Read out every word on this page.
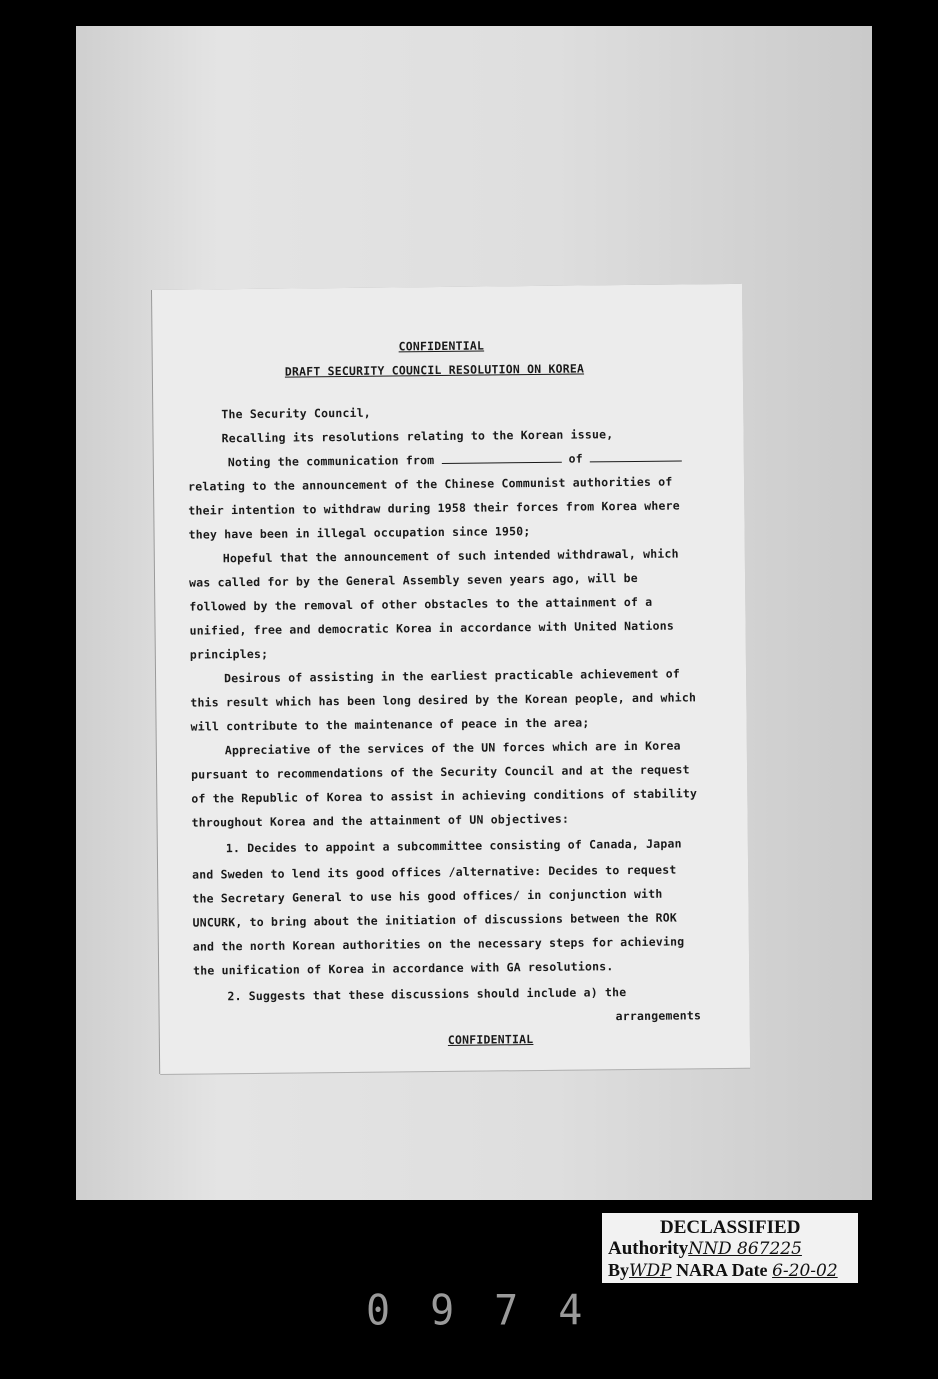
CONFIDENTIAL
DRAFT SECURITY COUNCIL RESOLUTION ON KOREA
The Security Council,
Recalling its resolutions relating to the Korean issue,
Noting the communication from	of
relating to the announcement of the Chinese Communist authorities of
their intention to withdraw during 1958 their forces from Korea where
they have been in illegal occupation since 1950;
Hopeful that the announcement of such intended withdrawal, which
was called for by the General Assembly seven years ago, will be
followed by the removal of other obstacles to the attainment of a
unified, free and democratic Korea in accordance with United Nations
principles;
Desirous of assisting in the earliest practicable achievement of
this result which has been long desired by the Korean people, and which
will contribute to the maintenance of peace in the area;
Appreciative of the services of the UN forces which are in Korea
pursuant to recommendations of the Security Council and at the request
of the Republic of Korea to assist in achieving conditions of stability
throughout Korea and the attainment of UN objectives:
1. Decides to appoint a subcommittee consisting of Canada, Japan
and Sweden to lend its good offices /alternative: Decides to request
the Secretary General to use his good offices/ in conjunction with
UNCURK, to bring about the initiation of discussions between the ROK
and the north Korean authorities on the necessary steps for achieving
the unification of Korea in accordance with GA resolutions.
2. Suggests that these discussions should include a) the
arrangements
CONFIDENTIAL
DECLASSIFIED
AuthorityNND 867225
ByWDP NARA Date 6-20-02
0974
